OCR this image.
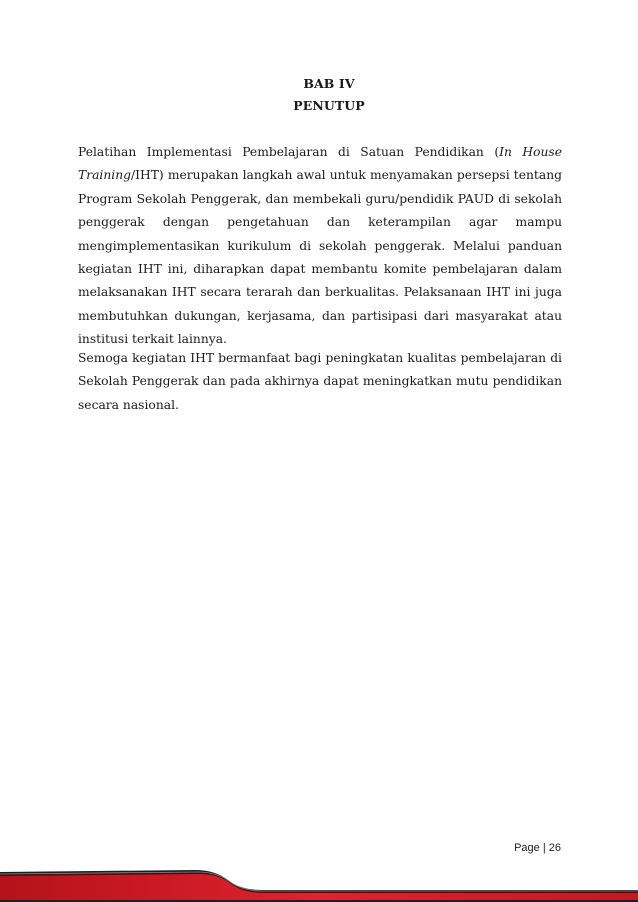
BAB IV
PENUTUP

Pelatihan Implementasi Pembelajaran di Satuan Pendidikan (In House Training/IHT) merupakan langkah awal untuk menyamakan persepsi tentang Program Sekolah Penggerak, dan membekali guru/pendidik PAUD di sekolah penggerak dengan pengetahuan dan keterampilan agar mampu mengimplementasikan kurikulum di sekolah penggerak. Melalui panduan kegiatan IHT ini, diharapkan dapat membantu komite pembelajaran dalam melaksanakan IHT secara terarah dan berkualitas. Pelaksanaan IHT ini juga membutuhkan dukungan, kerjasama, dan partisipasi dari masyarakat atau institusi terkait lainnya.

Semoga kegiatan IHT bermanfaat bagi peningkatan kualitas pembelajaran di Sekolah Penggerak dan pada akhirnya dapat meningkatkan mutu pendidikan secara nasional.

Page | 26
